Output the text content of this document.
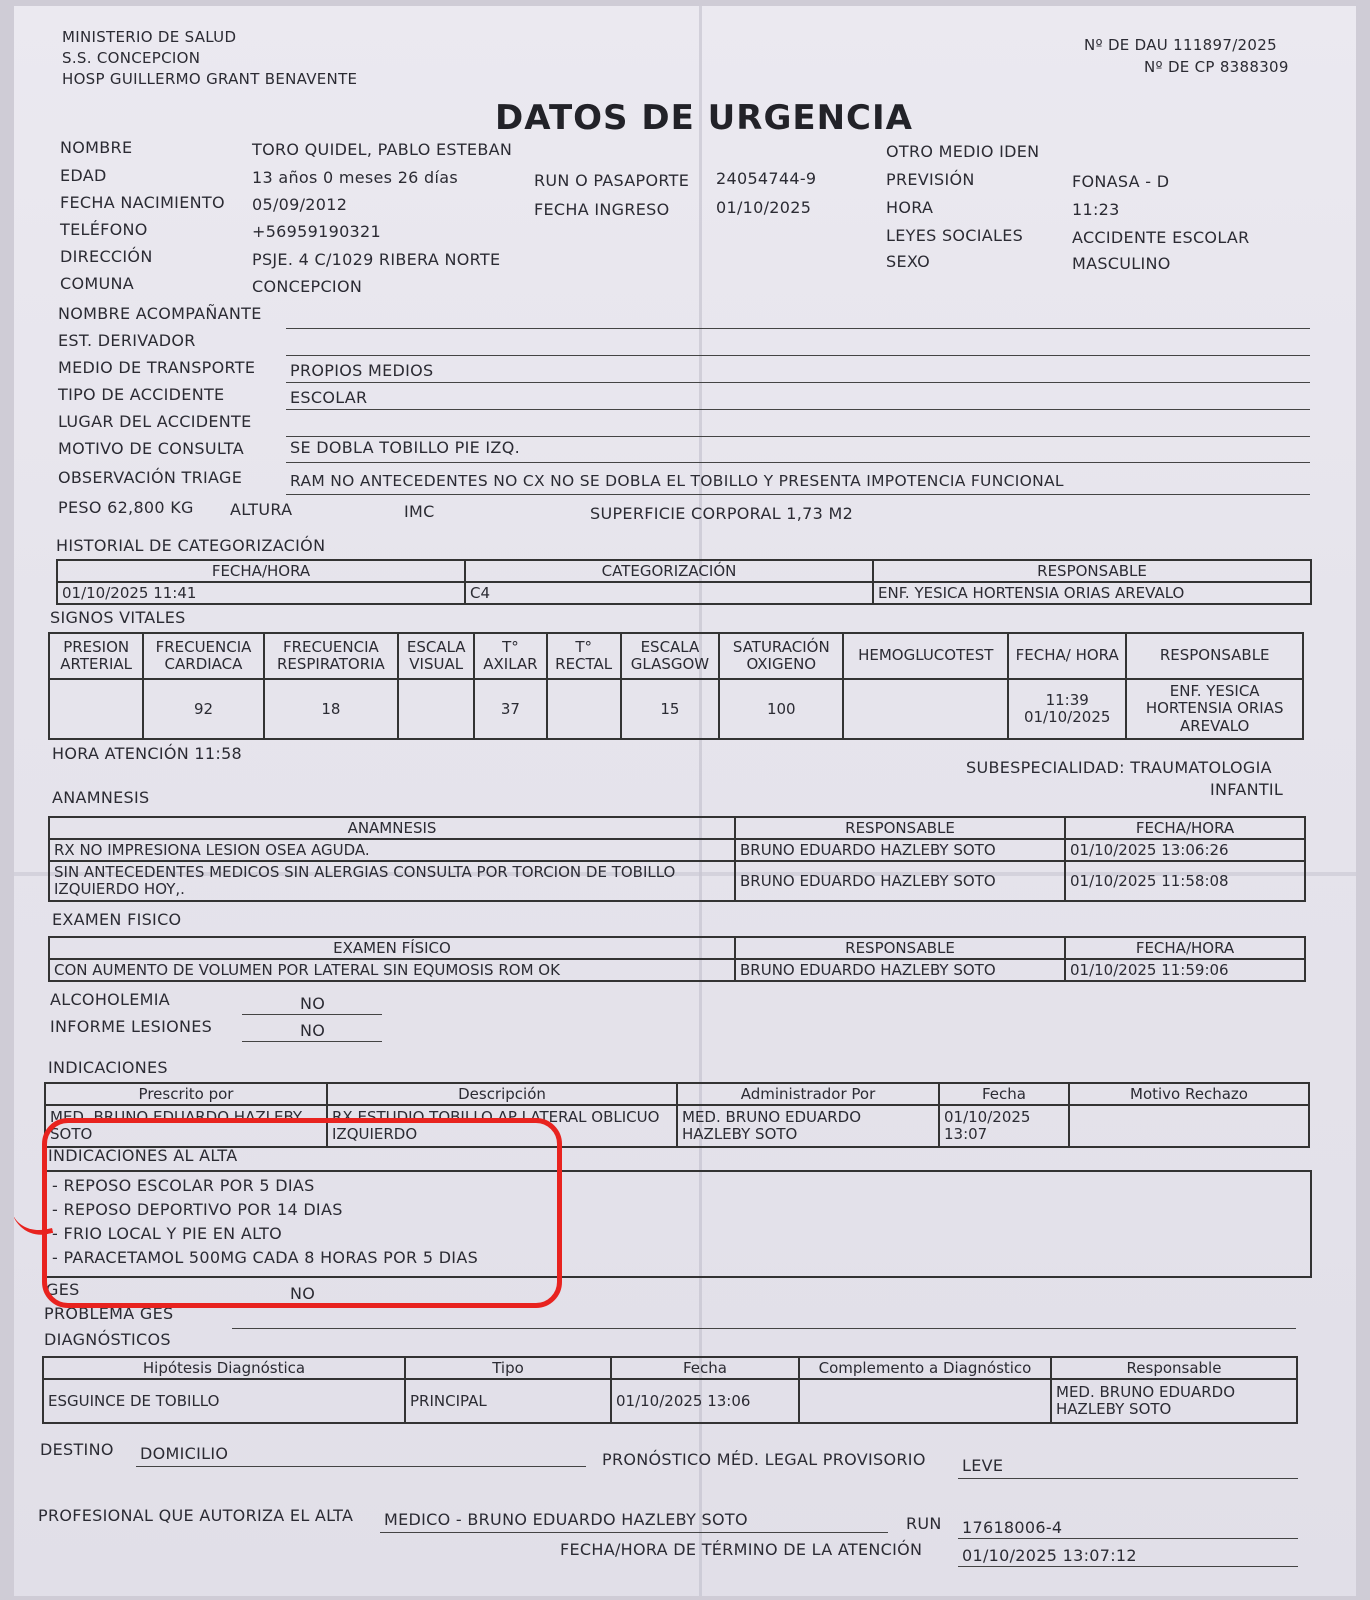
MINISTERIO DE SALUD
S.S. CONCEPCION
HOSP GUILLERMO GRANT BENAVENTE
Nº DE DAU 111897/2025
Nº DE CP 8388309
DATOS DE URGENCIA
NOMBRE	TORO QUIDEL, PABLO ESTEBAN
EDAD	13 años 0 meses 26 días
FECHA NACIMIENTO 05/09/2012
TELÉFONO	+56959190321
DIRECCIÓN	PSJE. 4 C/1029 RIBERA NORTE
COMUNA	CONCEPCION
RUN O PASAPORTE 24054744-9
FECHA INGRESO	01/10/2025
OTRO MEDIO IDEN
PREVISIÓN	FONASA - D
HORA	11:23
LEYES SOCIALES	ACCIDENTE ESCOLAR
SEXO	MASCULINO
NOMBRE ACOMPAÑANTE
EST. DERIVADOR
MEDIO DE TRANSPORTE PROPIOS MEDIOS
TIPO DE ACCIDENTE	ESCOLAR
LUGAR DEL ACCIDENTE
MOTIVO DE CONSULTA	SE DOBLA TOBILLO PIE IZQ.
OBSERVACIÓN TRIAGE	RAM NO ANTECEDENTES NO CX NO SE DOBLA EL TOBILLO Y PRESENTA IMPOTENCIA FUNCIONAL
PESO 62,800 KG ALTURA	IMC	SUPERFICIE CORPORAL 1,73 M2
HISTORIAL DE CATEGORIZACIÓN
FECHA/HORA	CATEGORIZACIÓN	RESPONSABLE
01/10/2025 11:41	C4	ENF. YESICA HORTENSIA ORIAS AREVALO
SIGNOS VITALES
PRESION ARTERIAL	FRECUENCIA CARDIACA	FRECUENCIA RESPIRATORIA	ESCALA VISUAL	T° AXILAR	T° RECTAL	ESCALA GLASGOW	SATURACIÓN OXIGENO	HEMOGLUCOTEST	FECHA/ HORA	RESPONSABLE
	92	18		37		15	100		11:39 01/10/2025	ENF. YESICA HORTENSIA ORIAS AREVALO
HORA ATENCIÓN 11:58
SUBESPECIALIDAD: TRAUMATOLOGIA
INFANTIL
ANAMNESIS
ANAMNESIS	RESPONSABLE	FECHA/HORA
RX NO IMPRESIONA LESION OSEA AGUDA.	BRUNO EDUARDO HAZLEBY SOTO	01/10/2025 13:06:26
SIN ANTECEDENTES MEDICOS SIN ALERGIAS CONSULTA POR TORCION DE TOBILLO IZQUIERDO HOY,.	BRUNO EDUARDO HAZLEBY SOTO	01/10/2025 11:58:08
EXAMEN FISICO
EXAMEN FÍSICO	RESPONSABLE	FECHA/HORA
CON AUMENTO DE VOLUMEN POR LATERAL SIN EQUMOSIS ROM OK	BRUNO EDUARDO HAZLEBY SOTO	01/10/2025 11:59:06
ALCOHOLEMIA	NO
INFORME LESIONES	NO
INDICACIONES
Prescrito por	Descripción	Administrador Por	Fecha	Motivo Rechazo
MED. BRUNO EDUARDO HAZLEBY SOTO	RX ESTUDIO TOBILLO AP LATERAL OBLICUO IZQUIERDO	MED. BRUNO EDUARDO HAZLEBY SOTO	01/10/2025 13:07	
INDICACIONES AL ALTA
- REPOSO ESCOLAR POR 5 DIAS
- REPOSO DEPORTIVO POR 14 DIAS
- FRIO LOCAL Y PIE EN ALTO
- PARACETAMOL 500MG CADA 8 HORAS POR 5 DIAS
GES	NO
PROBLEMA GES
DIAGNÓSTICOS
Hipótesis Diagnóstica	Tipo	Fecha	Complemento a Diagnóstico	Responsable
ESGUINCE DE TOBILLO	PRINCIPAL	01/10/2025 13:06		MED. BRUNO EDUARDO HAZLEBY SOTO
DESTINO DOMICILIO	PRONÓSTICO MÉD. LEGAL PROVISORIO LEVE
PROFESIONAL QUE AUTORIZA EL ALTA MEDICO - BRUNO EDUARDO HAZLEBY SOTO	RUN 17618006-4
FECHA/HORA DE TÉRMINO DE LA ATENCIÓN 01/10/2025 13:07:12
